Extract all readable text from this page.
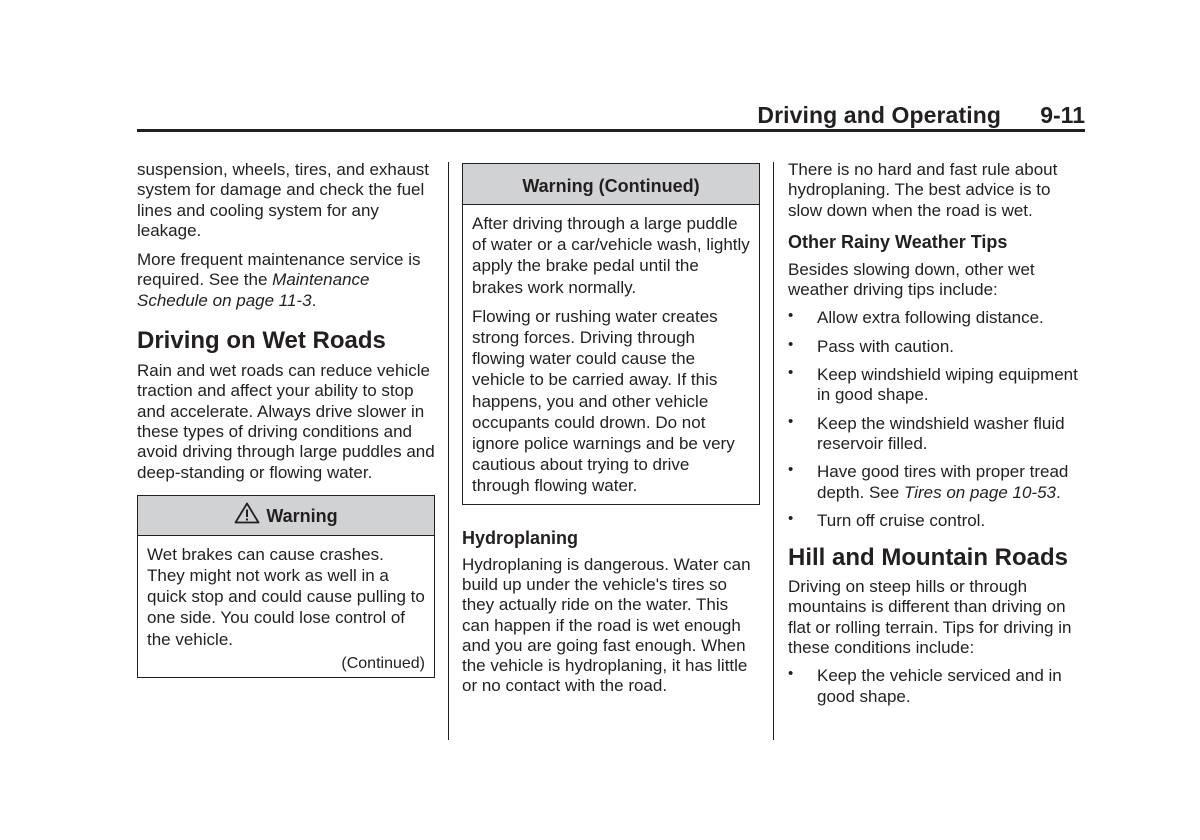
Driving and Operating 9-11

suspension, wheels, tires, and exhaust system for damage and check the fuel lines and cooling system for any leakage.

More frequent maintenance service is required. See the Maintenance Schedule on page 11-3.

Driving on Wet Roads

Rain and wet roads can reduce vehicle traction and affect your ability to stop and accelerate. Always drive slower in these types of driving conditions and avoid driving through large puddles and deep-standing or flowing water.

Warning

Wet brakes can cause crashes. They might not work as well in a quick stop and could cause pulling to one side. You could lose control of the vehicle.

(Continued)
Warning (Continued)

After driving through a large puddle of water or a car/vehicle wash, lightly apply the brake pedal until the brakes work normally.

Flowing or rushing water creates strong forces. Driving through flowing water could cause the vehicle to be carried away. If this happens, you and other vehicle occupants could drown. Do not ignore police warnings and be very cautious about trying to drive through flowing water.

Hydroplaning

Hydroplaning is dangerous. Water can build up under the vehicle's tires so they actually ride on the water. This can happen if the road is wet enough and you are going fast enough. When the vehicle is hydroplaning, it has little or no contact with the road.

There is no hard and fast rule about hydroplaning. The best advice is to slow down when the road is wet.

Other Rainy Weather Tips

Besides slowing down, other wet weather driving tips include:

• Allow extra following distance.
• Pass with caution.
• Keep windshield wiping equipment in good shape.
• Keep the windshield washer fluid reservoir filled.
• Have good tires with proper tread depth. See Tires on page 10-53.
• Turn off cruise control.
Hill and Mountain Roads

Driving on steep hills or through mountains is different than driving on flat or rolling terrain. Tips for driving in these conditions include:

• Keep the vehicle serviced and in good shape.
